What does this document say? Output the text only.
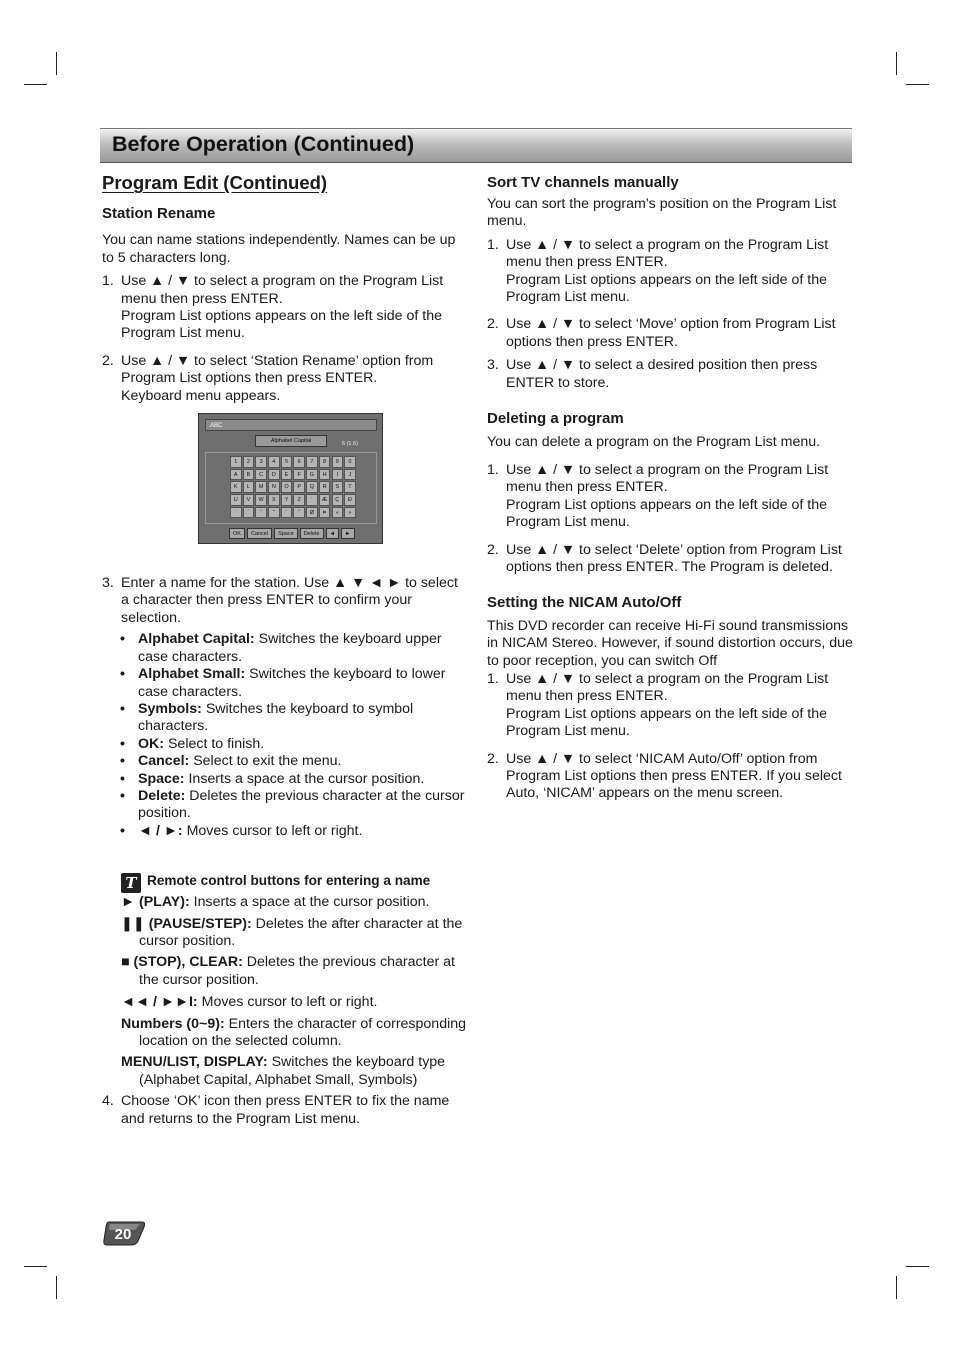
Before Operation (Continued)
Program Edit (Continued)
Station Rename

You can name stations independently. Names can be up to 5 characters long.

1. Use ▲ / ▼ to select a program on the Program List menu then press ENTER.

Program List options appears on the left side of the Program List menu.

2. Use ▲ / ▼ to select ‘Station Rename’ option from Program List options then press ENTER.

Keyboard menu appears.

3. Enter a name for the station. Use ▲ ▼ ◄ ► to select a character then press ENTER to confirm your selection.

• Alphabet Capital: Switches the keyboard upper case characters.
• Alphabet Small: Switches the keyboard to lower case characters.
• Symbols: Switches the keyboard to symbol characters.
• OK: Select to finish.
• Cancel: Select to exit the menu.
• Space: Inserts a space at the cursor position.
• Delete: Deletes the previous character at the cursor position.
• ◄ / ►: Moves cursor to left or right.
T Remote control buttons for entering a name

► (PLAY): Inserts a space at the cursor position.

❚❚ (PAUSE/STEP): Deletes the after character at the cursor position.

■ (STOP), CLEAR: Deletes the previous character at the cursor position.

◄◄ / ►►I: Moves cursor to left or right.

Numbers (0~9): Enters the character of corresponding location on the selected column.

MENU/LIST, DISPLAY: Switches the keyboard type (Alphabet Capital, Alphabet Small, Symbols)

4. Choose ‘OK’ icon then press ENTER to fix the name and returns to the Program List menu.

ABC
Alphabet Capital	6 (1.5)
1	2	3	4	5	6	7	8	9	0
A	B	C	D	E	F	G	H	I	J
K	L	M	N	O	P	Q	R	S	T
U	V	W	X	Y	Z	'	Æ	Ç	Ð
`	´	ˆ	˜	¨	˚	Ø	Þ	«	»
OK	Cancel	Space	Delete	◄	►
Sort TV channels manually

You can sort the program’s position on the Program List menu.

1. Use ▲ / ▼ to select a program on the Program List menu then press ENTER.

Program List options appears on the left side of the Program List menu.

2. Use ▲ / ▼ to select ‘Move’ option from Program List options then press ENTER.

3. Use ▲ / ▼ to select a desired position then press ENTER to store.

Deleting a program

You can delete a program on the Program List menu.

1. Use ▲ / ▼ to select a program on the Program List menu then press ENTER.

Program List options appears on the left side of the Program List menu.

2. Use ▲ / ▼ to select ‘Delete’ option from Program List options then press ENTER. The Program is deleted.

Setting the NICAM Auto/Off

This DVD recorder can receive Hi-Fi sound transmissions in NICAM Stereo. However, if sound distortion occurs, due to poor reception, you can switch Off

1. Use ▲ / ▼ to select a program on the Program List menu then press ENTER.

Program List options appears on the left side of the Program List menu.

2. Use ▲ / ▼ to select ‘NICAM Auto/Off’ option from Program List options then press ENTER. If you select Auto, ‘NICAM’ appears on the menu screen.

20
